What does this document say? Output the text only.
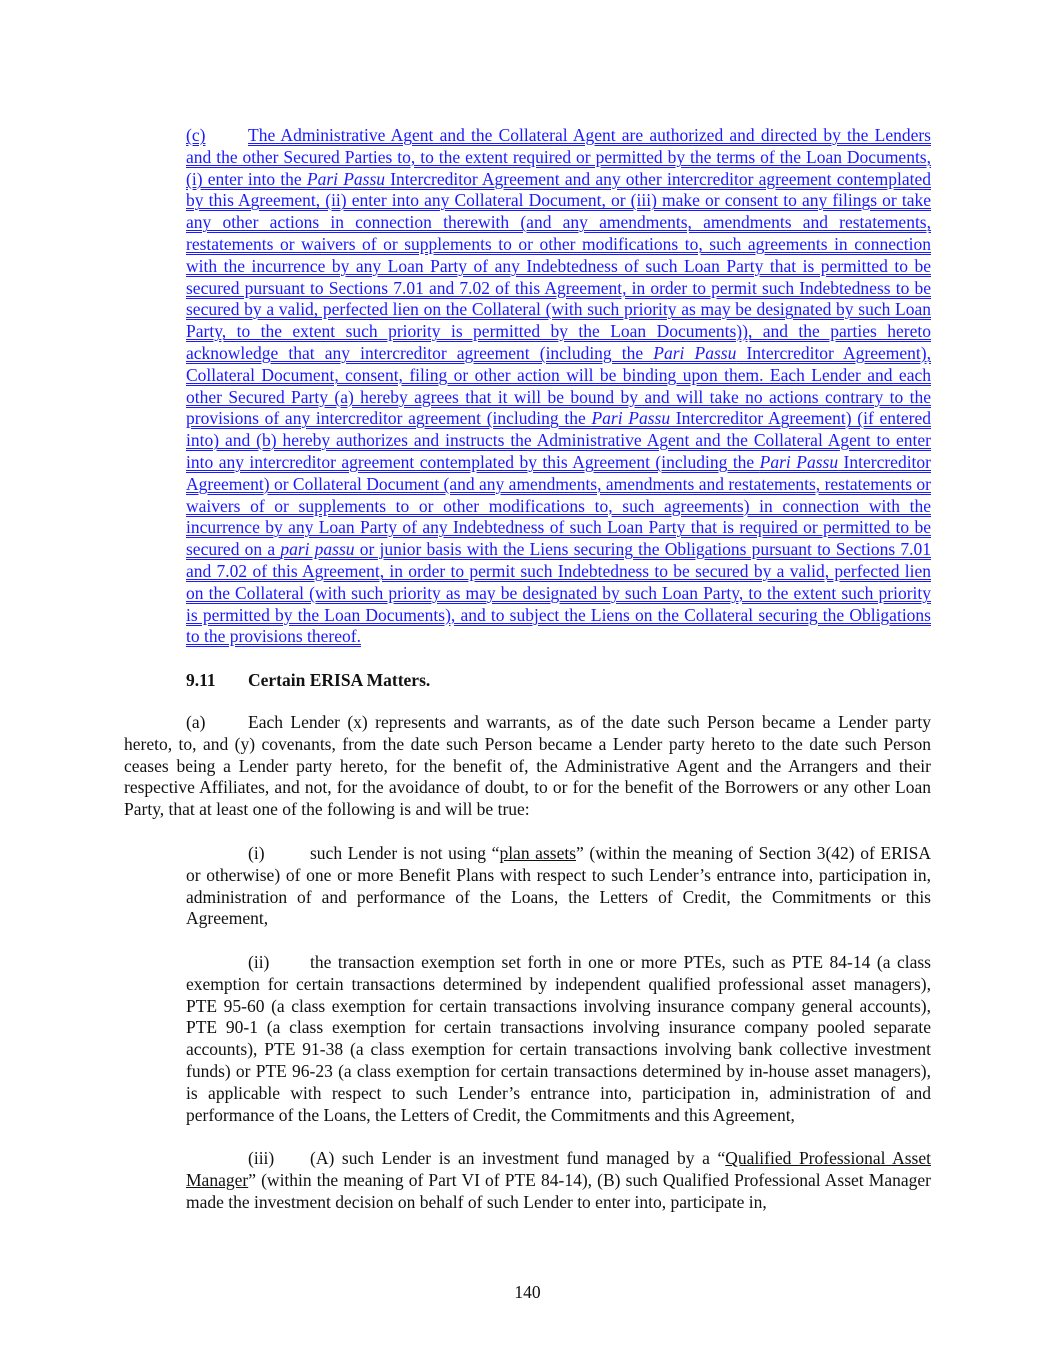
(c) The Administrative Agent and the Collateral Agent are authorized and directed by the Lenders and the other Secured Parties to, to the extent required or permitted by the terms of the Loan Documents, (i) enter into the Pari Passu Intercreditor Agreement and any other intercreditor agreement contemplated by this Agreement, (ii) enter into any Collateral Document, or (iii) make or consent to any filings or take any other actions in connection therewith (and any amendments, amendments and restatements, restatements or waivers of or supplements to or other modifications to, such agreements in connection with the incurrence by any Loan Party of any Indebtedness of such Loan Party that is permitted to be secured pursuant to Sections 7.01 and 7.02 of this Agreement, in order to permit such Indebtedness to be secured by a valid, perfected lien on the Collateral (with such priority as may be designated by such Loan Party, to the extent such priority is permitted by the Loan Documents)), and the parties hereto acknowledge that any intercreditor agreement (including the Pari Passu Intercreditor Agreement), Collateral Document, consent, filing or other action will be binding upon them. Each Lender and each other Secured Party (a) hereby agrees that it will be bound by and will take no actions contrary to the provisions of any intercreditor agreement (including the Pari Passu Intercreditor Agreement) (if entered into) and (b) hereby authorizes and instructs the Administrative Agent and the Collateral Agent to enter into any intercreditor agreement contemplated by this Agreement (including the Pari Passu Intercreditor Agreement) or Collateral Document (and any amendments, amendments and restatements, restatements or waivers of or supplements to or other modifications to, such agreements) in connection with the incurrence by any Loan Party of any Indebtedness of such Loan Party that is required or permitted to be secured on a pari passu or junior basis with the Liens securing the Obligations pursuant to Sections 7.01 and 7.02 of this Agreement, in order to permit such Indebtedness to be secured by a valid, perfected lien on the Collateral (with such priority as may be designated by such Loan Party, to the extent such priority is permitted by the Loan Documents), and to subject the Liens on the Collateral securing the Obligations to the provisions thereof.

9.11 Certain ERISA Matters.

(a) Each Lender (x) represents and warrants, as of the date such Person became a Lender party hereto, to, and (y) covenants, from the date such Person became a Lender party hereto to the date such Person ceases being a Lender party hereto, for the benefit of, the Administrative Agent and the Arrangers and their respective Affiliates, and not, for the avoidance of doubt, to or for the benefit of the Borrowers or any other Loan Party, that at least one of the following is and will be true:

(i)	such Lender is not using “plan assets” (within the meaning of Section 3(42) of ERISA or otherwise) of one or more Benefit Plans with respect to such Lender’s entrance into, participation in, administration of and performance of the Loans, the Letters of Credit, the Commitments or this Agreement,

(ii) the transaction exemption set forth in one or more PTEs, such as PTE 84-14 (a class exemption for certain transactions determined by independent qualified professional asset managers), PTE 95-60 (a class exemption for certain transactions involving insurance company general accounts), PTE 90-1 (a class exemption for certain transactions involving insurance company pooled separate accounts), PTE 91-38 (a class exemption for certain transactions involving bank collective investment funds) or PTE 96-23 (a class exemption for certain transactions determined by in-house asset managers), is applicable with respect to such Lender’s entrance into, participation in, administration of and performance of the Loans, the Letters of Credit, the Commitments and this Agreement,

(iii) (A) such Lender is an investment fund managed by a “Qualified Professional Asset Manager” (within the meaning of Part VI of PTE 84-14), (B) such Qualified Professional Asset Manager made the investment decision on behalf of such Lender to enter into, participate in,

140
